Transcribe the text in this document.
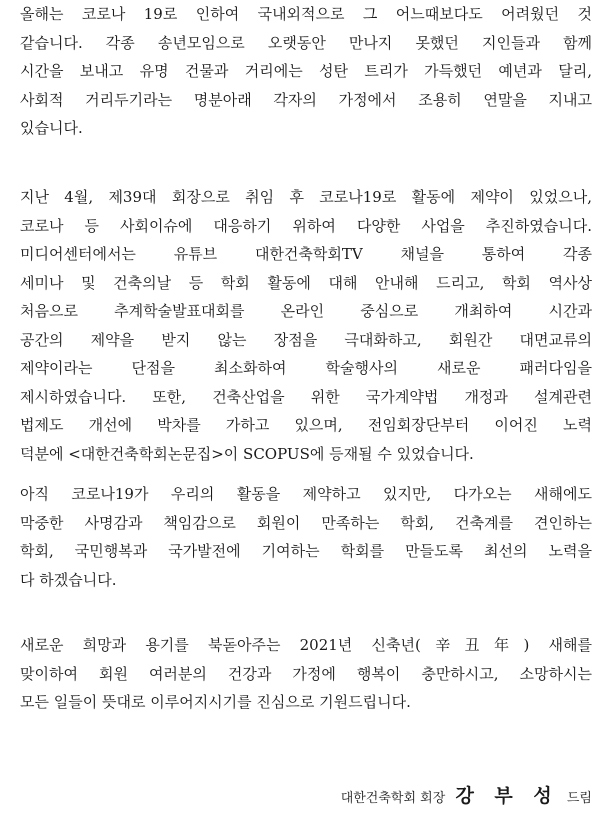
올해는 코로나 19로 인하여 국내외적으로 그 어느때보다도 어려웠던 것
같습니다. 각종 송년모임으로 오랫동안 만나지 못했던 지인들과 함께
시간을 보내고 유명 건물과 거리에는 성탄 트리가 가득했던 예년과 달리,
사회적 거리두기라는 명분아래 각자의 가정에서 조용히 연말을 지내고
있습니다.
지난 4월, 제39대 회장으로 취임 후 코로나19로 활동에 제약이 있었으나,
코로나 등 사회이슈에 대응하기 위하여 다양한 사업을 추진하였습니다.
미디어센터에서는 유튜브 대한건축학회TV 채널을 통하여 각종
세미나 및 건축의날 등 학회 활동에 대해 안내해 드리고, 학회 역사상
처음으로 추계학술발표대회를 온라인 중심으로 개최하여 시간과
공간의 제약을 받지 않는 장점을 극대화하고, 회원간 대면교류의
제약이라는 단점을 최소화하여 학술행사의 새로운 패러다임을
제시하였습니다. 또한, 건축산업을 위한 국가계약법 개정과 설계관련
법제도 개선에 박차를 가하고 있으며, 전임회장단부터 이어진 노력
덕분에 <대한건축학회논문집>이 SCOPUS에 등재될 수 있었습니다.
아직 코로나19가 우리의 활동을 제약하고 있지만, 다가오는 새해에도
막중한 사명감과 책임감으로 회원이 만족하는 학회, 건축계를 견인하는
학회, 국민행복과 국가발전에 기여하는 학회를 만들도록 최선의 노력을
다 하겠습니다.
새로운 희망과 용기를 북돋아주는 2021년 신축년(辛丑年) 새해를
맞이하여 회원 여러분의 건강과 가정에 행복이 충만하시고, 소망하시는
모든 일들이 뜻대로 이루어지시기를 진심으로 기원드립니다.
대한건축학회 회장 강 부 성 드림
